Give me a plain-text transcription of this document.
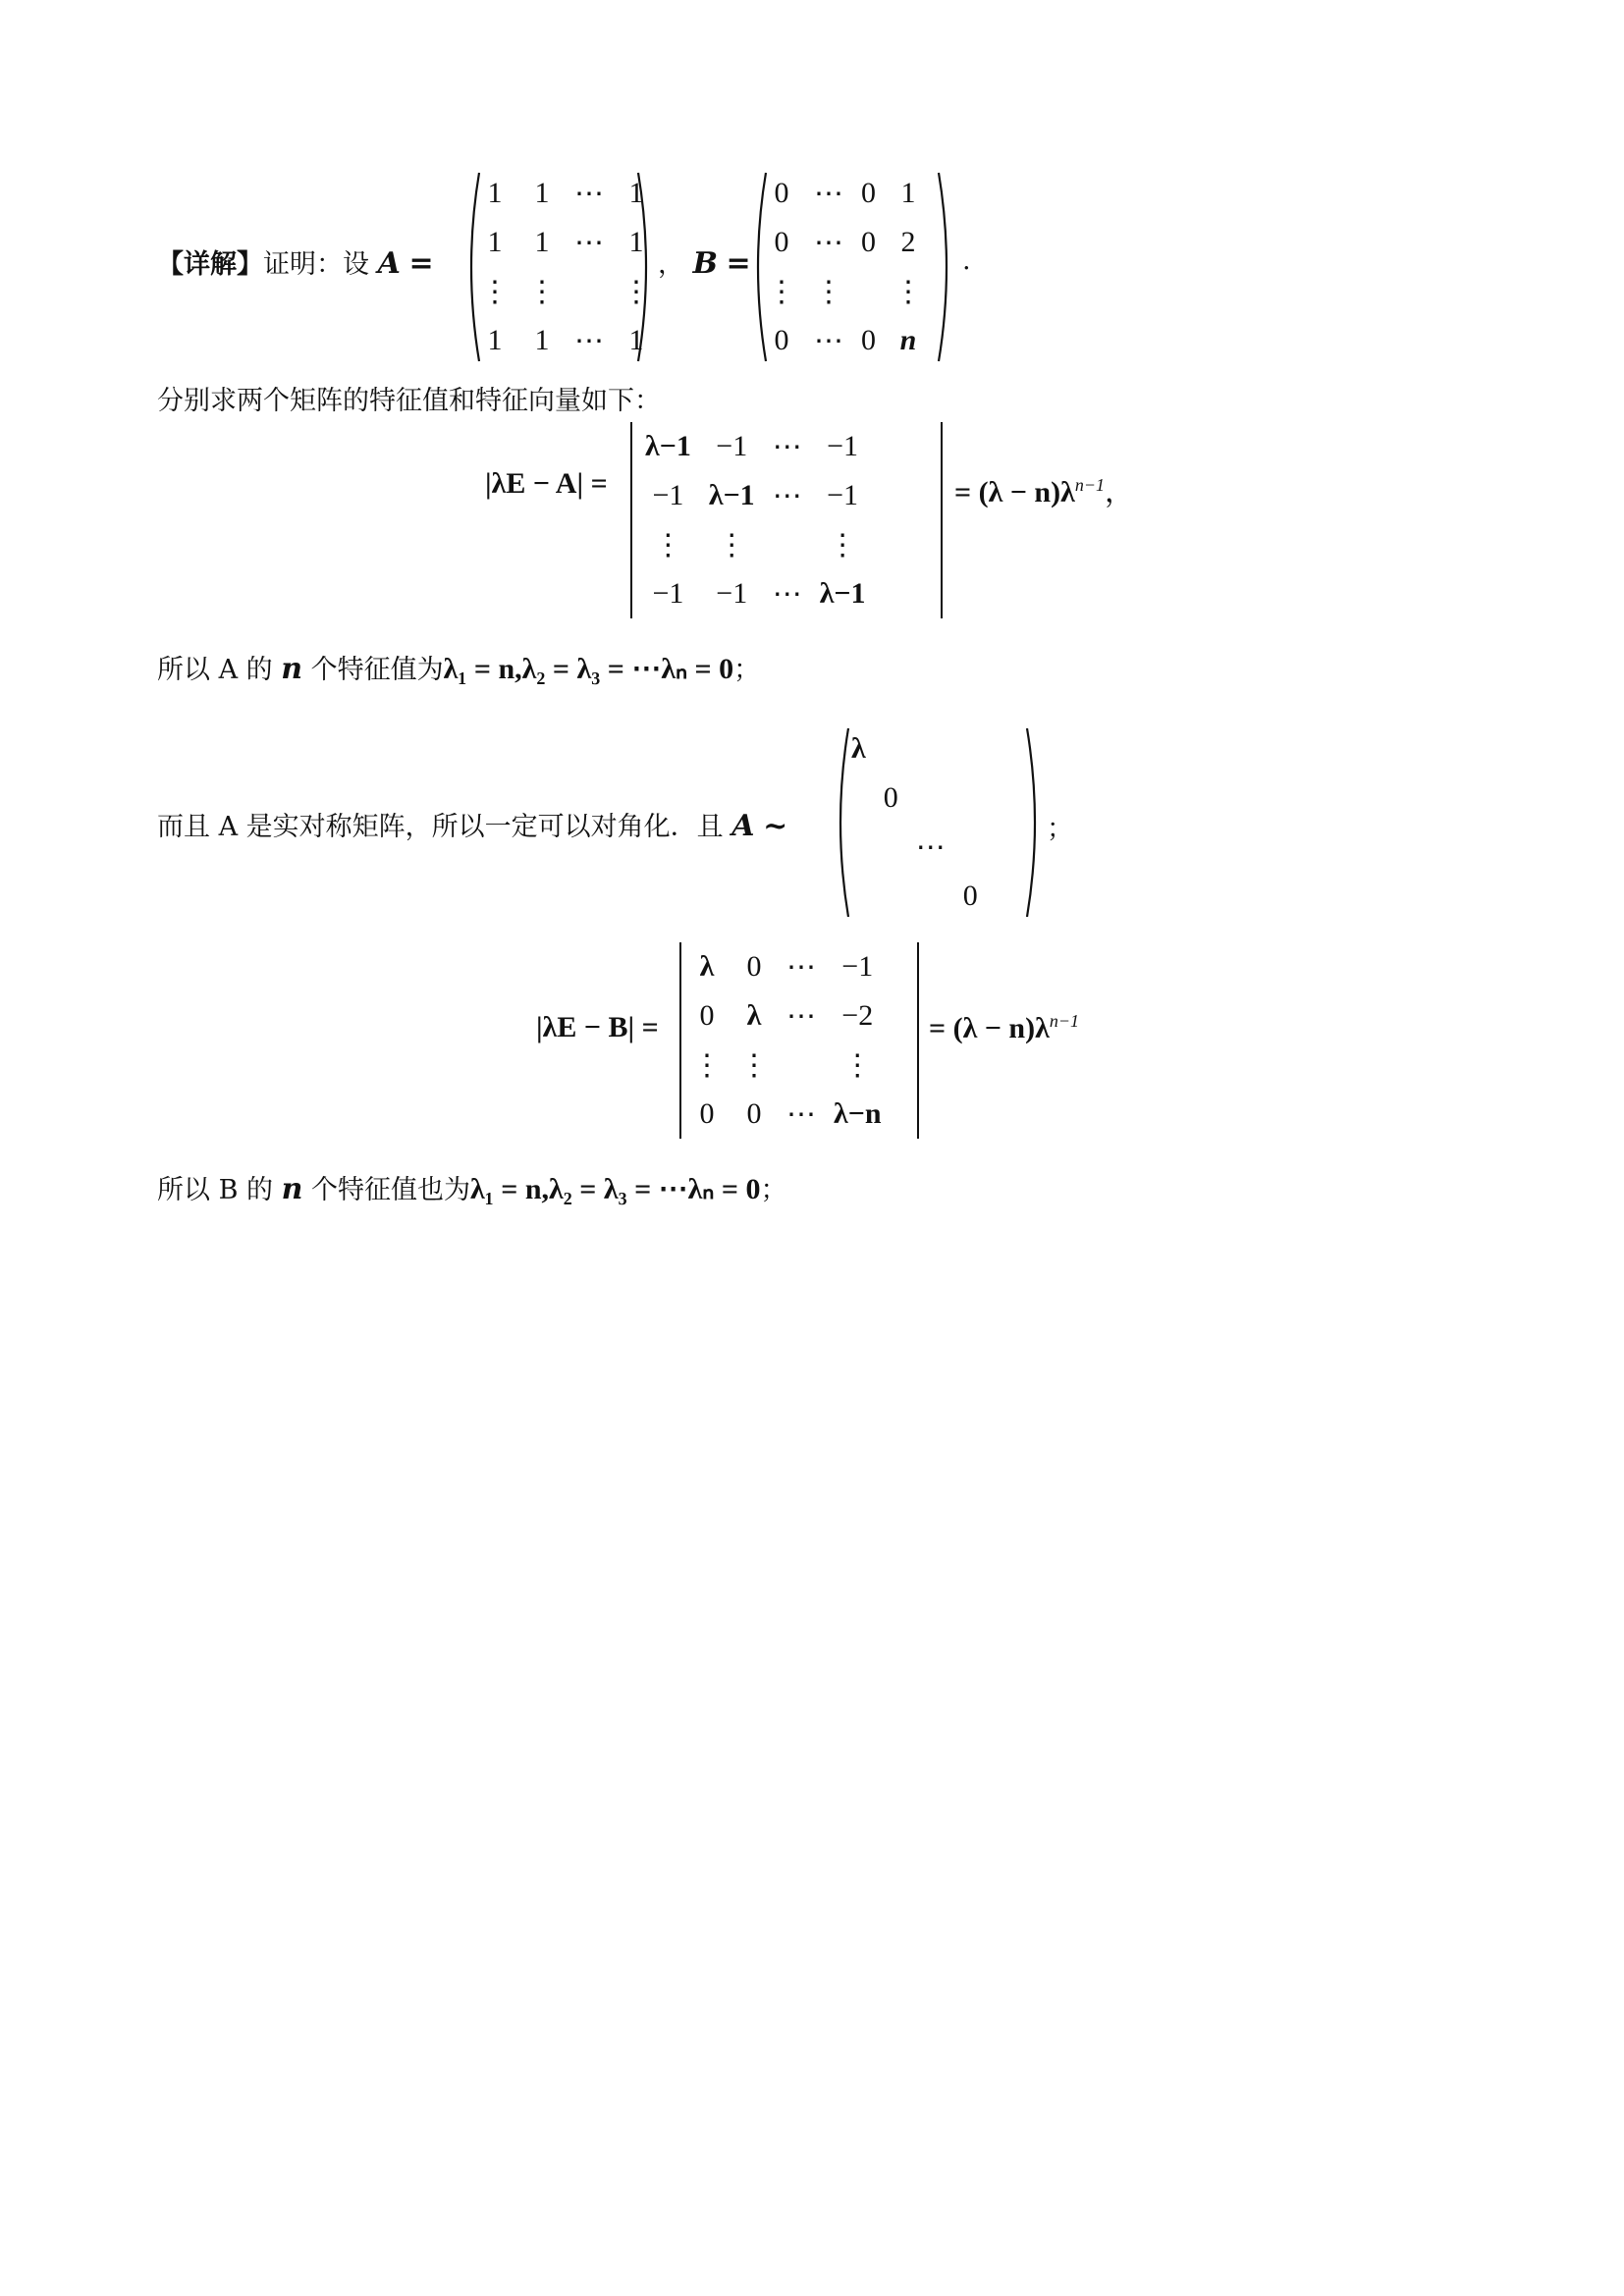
【详解】证明：设 A =
1	1	⋯	1
1	1	⋯	1
⋮	⋮		⋮
1	1	⋯	1
， B =
0	⋯	0	1
0	⋯	0	2
⋮	⋮		⋮
0	⋯	0	n
.
分别求两个矩阵的特征值和特征向量如下：
|λE − A| =
λ−1	−1	⋯	−1
−1	λ−1	⋯	−1
⋮	⋮		⋮
−1	−1	⋯	λ−1
= $(\lambda - n)\lambda^{n-1}$，
所以 A 的 n 个特征值为λ₁ = n,λ₂ = λ₃ = ⋯λₙ = 0；
而且 A 是实对称矩阵，所以一定可以对角化．且 A ~
λ			
	0		
		⋯	
			0
；
|λE − B| =
λ	0	⋯	−1
0	λ	⋯	−2
⋮	⋮		⋮
0	0	⋯	λ−n
= $(\lambda - n)\lambda^{n-1}$
所以 B 的 n 个特征值也为λ₁ = n,λ₂ = λ₃ = ⋯λₙ = 0；
